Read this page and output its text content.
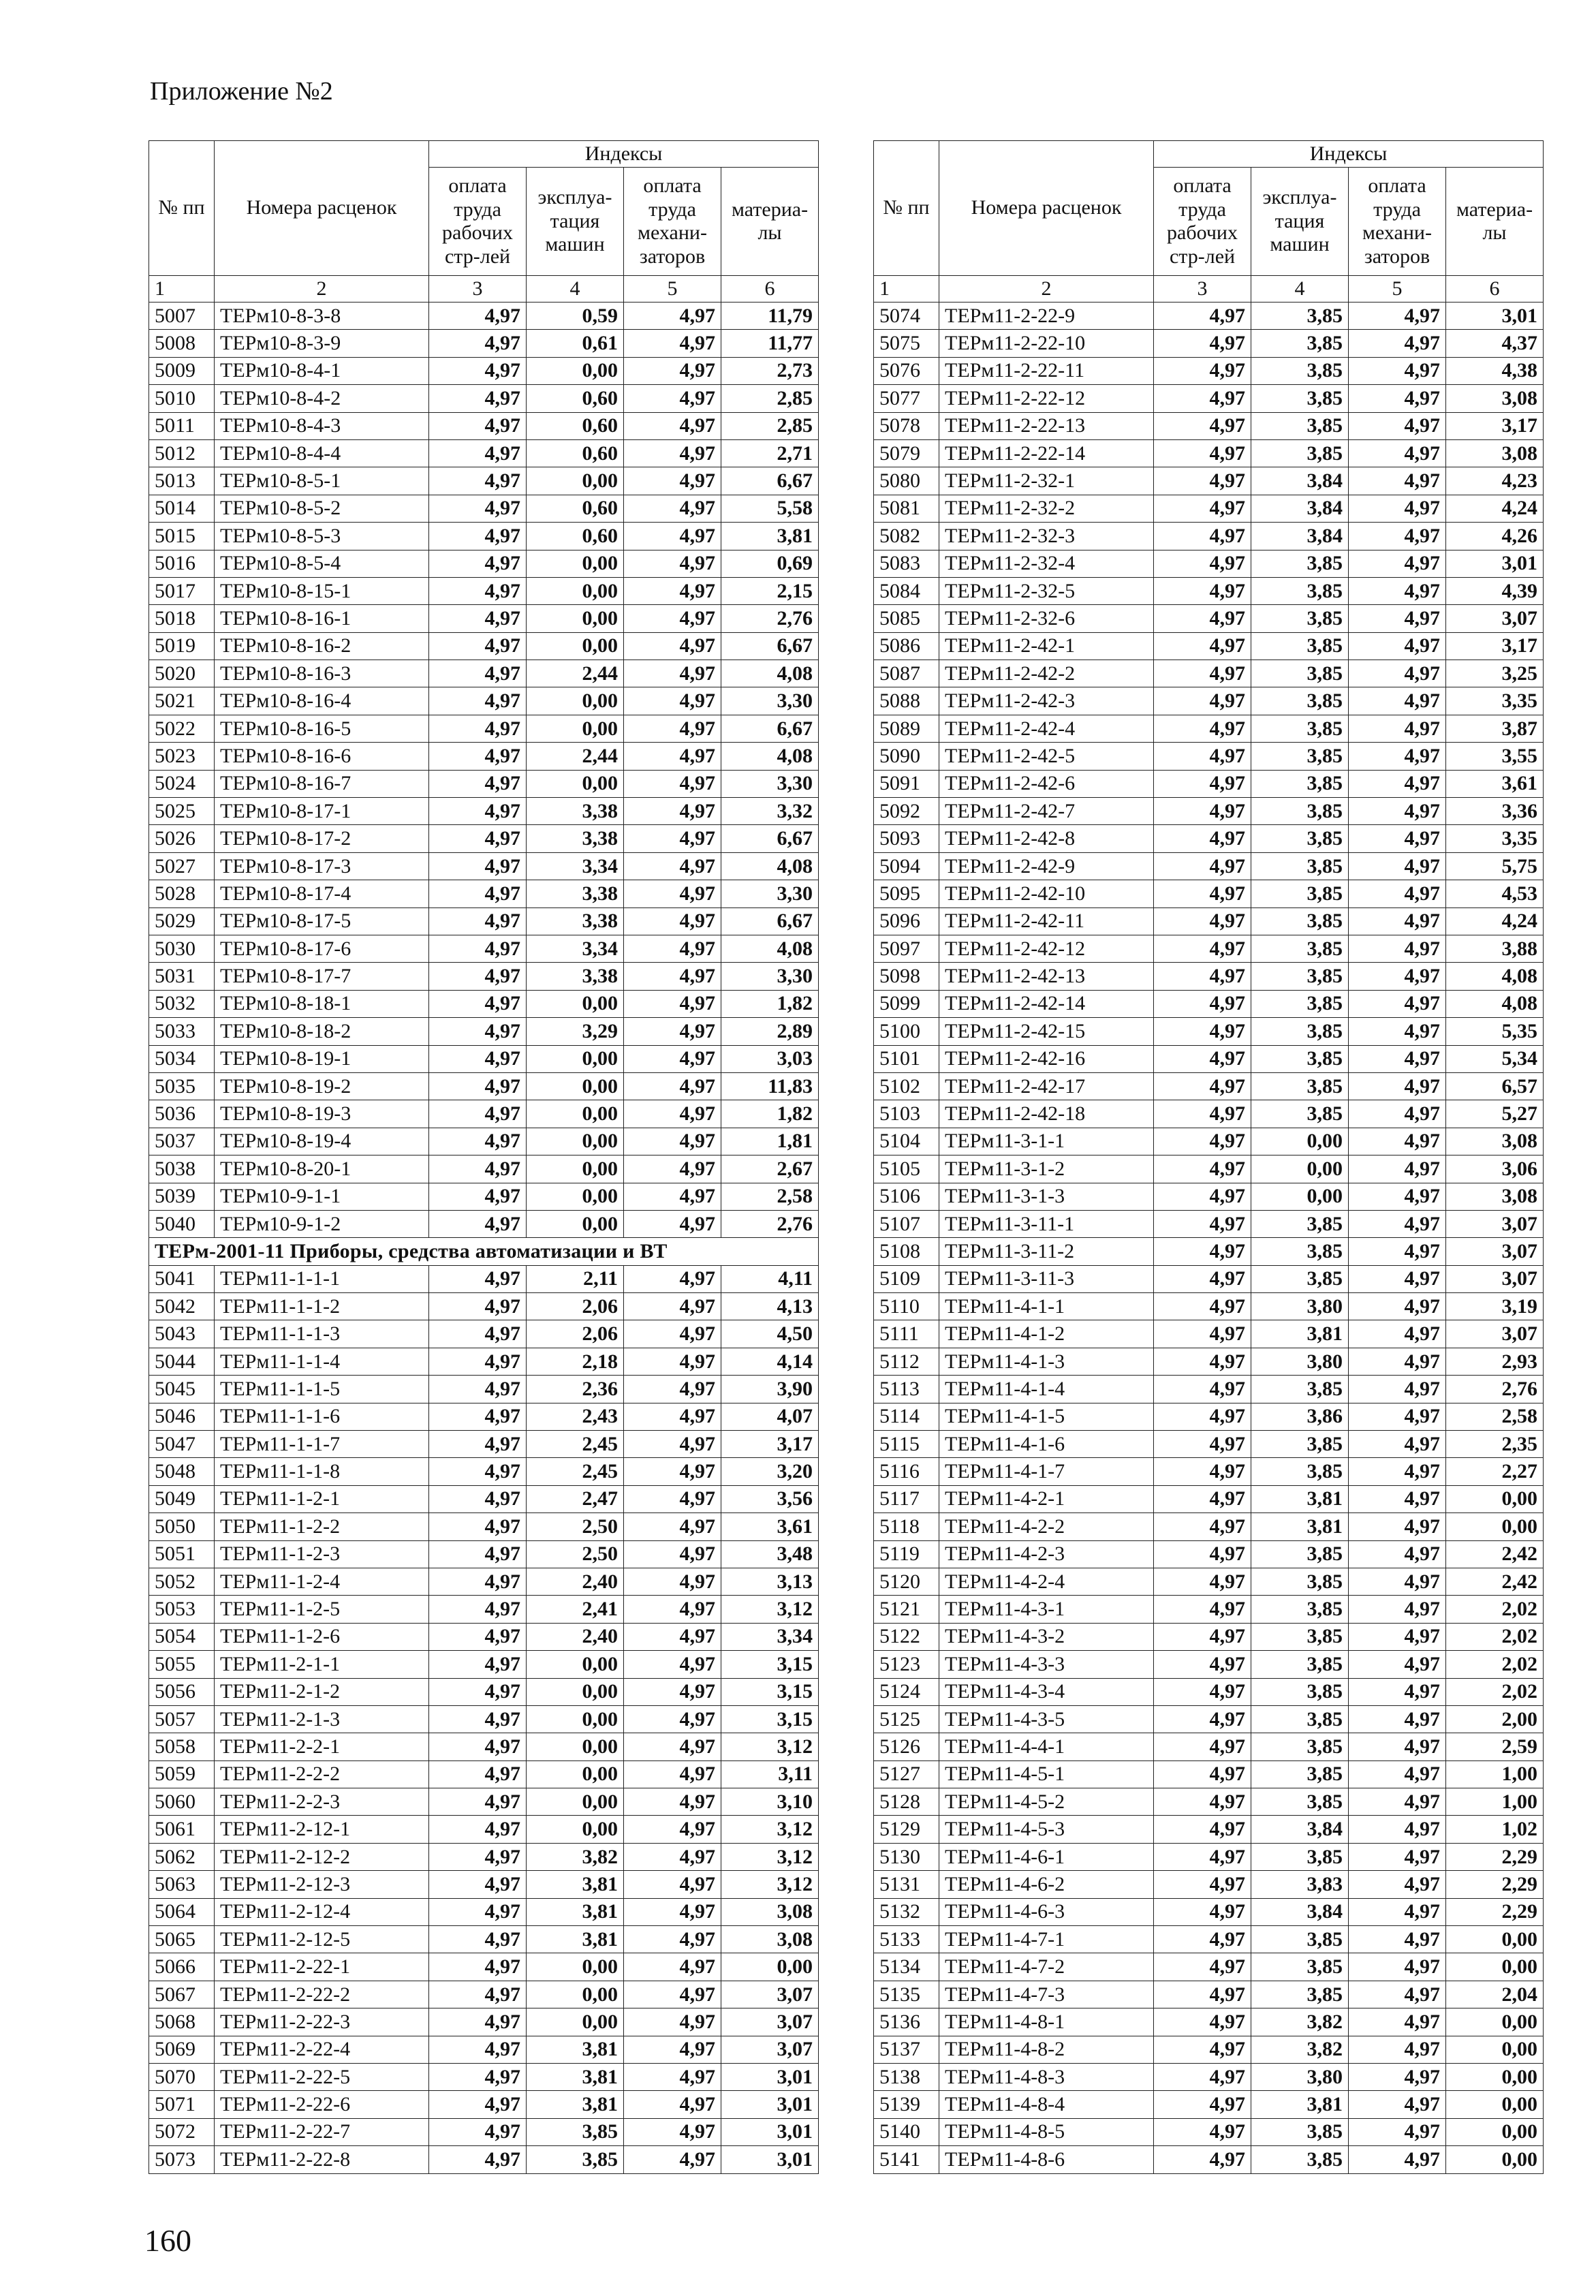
Приложение №2
№ пп	Номера расценок	Индексы			
		оплата труда рабочих стр-лей	эксплуа-тация машин	оплата труда механи-заторов	материа-лы
1	2	3	4	5	6
5007	ТЕРм10-8-3-8	4,97	0,59	4,97	11,79
5008	ТЕРм10-8-3-9	4,97	0,61	4,97	11,77
5009	ТЕРм10-8-4-1	4,97	0,00	4,97	2,73
5010	ТЕРм10-8-4-2	4,97	0,60	4,97	2,85
5011	ТЕРм10-8-4-3	4,97	0,60	4,97	2,85
5012	ТЕРм10-8-4-4	4,97	0,60	4,97	2,71
5013	ТЕРм10-8-5-1	4,97	0,00	4,97	6,67
5014	ТЕРм10-8-5-2	4,97	0,60	4,97	5,58
5015	ТЕРм10-8-5-3	4,97	0,60	4,97	3,81
5016	ТЕРм10-8-5-4	4,97	0,00	4,97	0,69
5017	ТЕРм10-8-15-1	4,97	0,00	4,97	2,15
5018	ТЕРм10-8-16-1	4,97	0,00	4,97	2,76
5019	ТЕРм10-8-16-2	4,97	0,00	4,97	6,67
5020	ТЕРм10-8-16-3	4,97	2,44	4,97	4,08
5021	ТЕРм10-8-16-4	4,97	0,00	4,97	3,30
5022	ТЕРм10-8-16-5	4,97	0,00	4,97	6,67
5023	ТЕРм10-8-16-6	4,97	2,44	4,97	4,08
5024	ТЕРм10-8-16-7	4,97	0,00	4,97	3,30
5025	ТЕРм10-8-17-1	4,97	3,38	4,97	3,32
5026	ТЕРм10-8-17-2	4,97	3,38	4,97	6,67
5027	ТЕРм10-8-17-3	4,97	3,34	4,97	4,08
5028	ТЕРм10-8-17-4	4,97	3,38	4,97	3,30
5029	ТЕРм10-8-17-5	4,97	3,38	4,97	6,67
5030	ТЕРм10-8-17-6	4,97	3,34	4,97	4,08
5031	ТЕРм10-8-17-7	4,97	3,38	4,97	3,30
5032	ТЕРм10-8-18-1	4,97	0,00	4,97	1,82
5033	ТЕРм10-8-18-2	4,97	3,29	4,97	2,89
5034	ТЕРм10-8-19-1	4,97	0,00	4,97	3,03
5035	ТЕРм10-8-19-2	4,97	0,00	4,97	11,83
5036	ТЕРм10-8-19-3	4,97	0,00	4,97	1,82
5037	ТЕРм10-8-19-4	4,97	0,00	4,97	1,81
5038	ТЕРм10-8-20-1	4,97	0,00	4,97	2,67
5039	ТЕРм10-9-1-1	4,97	0,00	4,97	2,58
5040	ТЕРм10-9-1-2	4,97	0,00	4,97	2,76
ТЕРм-2001-11 Приборы, средства автоматизации и ВТ					
5041	ТЕРм11-1-1-1	4,97	2,11	4,97	4,11
5042	ТЕРм11-1-1-2	4,97	2,06	4,97	4,13
5043	ТЕРм11-1-1-3	4,97	2,06	4,97	4,50
5044	ТЕРм11-1-1-4	4,97	2,18	4,97	4,14
5045	ТЕРм11-1-1-5	4,97	2,36	4,97	3,90
5046	ТЕРм11-1-1-6	4,97	2,43	4,97	4,07
5047	ТЕРм11-1-1-7	4,97	2,45	4,97	3,17
5048	ТЕРм11-1-1-8	4,97	2,45	4,97	3,20
5049	ТЕРм11-1-2-1	4,97	2,47	4,97	3,56
5050	ТЕРм11-1-2-2	4,97	2,50	4,97	3,61
5051	ТЕРм11-1-2-3	4,97	2,50	4,97	3,48
5052	ТЕРм11-1-2-4	4,97	2,40	4,97	3,13
5053	ТЕРм11-1-2-5	4,97	2,41	4,97	3,12
5054	ТЕРм11-1-2-6	4,97	2,40	4,97	3,34
5055	ТЕРм11-2-1-1	4,97	0,00	4,97	3,15
5056	ТЕРм11-2-1-2	4,97	0,00	4,97	3,15
5057	ТЕРм11-2-1-3	4,97	0,00	4,97	3,15
5058	ТЕРм11-2-2-1	4,97	0,00	4,97	3,12
5059	ТЕРм11-2-2-2	4,97	0,00	4,97	3,11
5060	ТЕРм11-2-2-3	4,97	0,00	4,97	3,10
5061	ТЕРм11-2-12-1	4,97	0,00	4,97	3,12
5062	ТЕРм11-2-12-2	4,97	3,82	4,97	3,12
5063	ТЕРм11-2-12-3	4,97	3,81	4,97	3,12
5064	ТЕРм11-2-12-4	4,97	3,81	4,97	3,08
5065	ТЕРм11-2-12-5	4,97	3,81	4,97	3,08
5066	ТЕРм11-2-22-1	4,97	0,00	4,97	0,00
5067	ТЕРм11-2-22-2	4,97	0,00	4,97	3,07
5068	ТЕРм11-2-22-3	4,97	0,00	4,97	3,07
5069	ТЕРм11-2-22-4	4,97	3,81	4,97	3,07
5070	ТЕРм11-2-22-5	4,97	3,81	4,97	3,01
5071	ТЕРм11-2-22-6	4,97	3,81	4,97	3,01
5072	ТЕРм11-2-22-7	4,97	3,85	4,97	3,01
5073	ТЕРм11-2-22-8	4,97	3,85	4,97	3,01
№ пп	Номера расценок	Индексы			
		оплата труда рабочих стр-лей	эксплуа-тация машин	оплата труда механи-заторов	материа-лы
1	2	3	4	5	6
5074	ТЕРм11-2-22-9	4,97	3,85	4,97	3,01
5075	ТЕРм11-2-22-10	4,97	3,85	4,97	4,37
5076	ТЕРм11-2-22-11	4,97	3,85	4,97	4,38
5077	ТЕРм11-2-22-12	4,97	3,85	4,97	3,08
5078	ТЕРм11-2-22-13	4,97	3,85	4,97	3,17
5079	ТЕРм11-2-22-14	4,97	3,85	4,97	3,08
5080	ТЕРм11-2-32-1	4,97	3,84	4,97	4,23
5081	ТЕРм11-2-32-2	4,97	3,84	4,97	4,24
5082	ТЕРм11-2-32-3	4,97	3,84	4,97	4,26
5083	ТЕРм11-2-32-4	4,97	3,85	4,97	3,01
5084	ТЕРм11-2-32-5	4,97	3,85	4,97	4,39
5085	ТЕРм11-2-32-6	4,97	3,85	4,97	3,07
5086	ТЕРм11-2-42-1	4,97	3,85	4,97	3,17
5087	ТЕРм11-2-42-2	4,97	3,85	4,97	3,25
5088	ТЕРм11-2-42-3	4,97	3,85	4,97	3,35
5089	ТЕРм11-2-42-4	4,97	3,85	4,97	3,87
5090	ТЕРм11-2-42-5	4,97	3,85	4,97	3,55
5091	ТЕРм11-2-42-6	4,97	3,85	4,97	3,61
5092	ТЕРм11-2-42-7	4,97	3,85	4,97	3,36
5093	ТЕРм11-2-42-8	4,97	3,85	4,97	3,35
5094	ТЕРм11-2-42-9	4,97	3,85	4,97	5,75
5095	ТЕРм11-2-42-10	4,97	3,85	4,97	4,53
5096	ТЕРм11-2-42-11	4,97	3,85	4,97	4,24
5097	ТЕРм11-2-42-12	4,97	3,85	4,97	3,88
5098	ТЕРм11-2-42-13	4,97	3,85	4,97	4,08
5099	ТЕРм11-2-42-14	4,97	3,85	4,97	4,08
5100	ТЕРм11-2-42-15	4,97	3,85	4,97	5,35
5101	ТЕРм11-2-42-16	4,97	3,85	4,97	5,34
5102	ТЕРм11-2-42-17	4,97	3,85	4,97	6,57
5103	ТЕРм11-2-42-18	4,97	3,85	4,97	5,27
5104	ТЕРм11-3-1-1	4,97	0,00	4,97	3,08
5105	ТЕРм11-3-1-2	4,97	0,00	4,97	3,06
5106	ТЕРм11-3-1-3	4,97	0,00	4,97	3,08
5107	ТЕРм11-3-11-1	4,97	3,85	4,97	3,07
5108	ТЕРм11-3-11-2	4,97	3,85	4,97	3,07
5109	ТЕРм11-3-11-3	4,97	3,85	4,97	3,07
5110	ТЕРм11-4-1-1	4,97	3,80	4,97	3,19
5111	ТЕРм11-4-1-2	4,97	3,81	4,97	3,07
5112	ТЕРм11-4-1-3	4,97	3,80	4,97	2,93
5113	ТЕРм11-4-1-4	4,97	3,85	4,97	2,76
5114	ТЕРм11-4-1-5	4,97	3,86	4,97	2,58
5115	ТЕРм11-4-1-6	4,97	3,85	4,97	2,35
5116	ТЕРм11-4-1-7	4,97	3,85	4,97	2,27
5117	ТЕРм11-4-2-1	4,97	3,81	4,97	0,00
5118	ТЕРм11-4-2-2	4,97	3,81	4,97	0,00
5119	ТЕРм11-4-2-3	4,97	3,85	4,97	2,42
5120	ТЕРм11-4-2-4	4,97	3,85	4,97	2,42
5121	ТЕРм11-4-3-1	4,97	3,85	4,97	2,02
5122	ТЕРм11-4-3-2	4,97	3,85	4,97	2,02
5123	ТЕРм11-4-3-3	4,97	3,85	4,97	2,02
5124	ТЕРм11-4-3-4	4,97	3,85	4,97	2,02
5125	ТЕРм11-4-3-5	4,97	3,85	4,97	2,00
5126	ТЕРм11-4-4-1	4,97	3,85	4,97	2,59
5127	ТЕРм11-4-5-1	4,97	3,85	4,97	1,00
5128	ТЕРм11-4-5-2	4,97	3,85	4,97	1,00
5129	ТЕРм11-4-5-3	4,97	3,84	4,97	1,02
5130	ТЕРм11-4-6-1	4,97	3,85	4,97	2,29
5131	ТЕРм11-4-6-2	4,97	3,83	4,97	2,29
5132	ТЕРм11-4-6-3	4,97	3,84	4,97	2,29
5133	ТЕРм11-4-7-1	4,97	3,85	4,97	0,00
5134	ТЕРм11-4-7-2	4,97	3,85	4,97	0,00
5135	ТЕРм11-4-7-3	4,97	3,85	4,97	2,04
5136	ТЕРм11-4-8-1	4,97	3,82	4,97	0,00
5137	ТЕРм11-4-8-2	4,97	3,82	4,97	0,00
5138	ТЕРм11-4-8-3	4,97	3,80	4,97	0,00
5139	ТЕРм11-4-8-4	4,97	3,81	4,97	0,00
5140	ТЕРм11-4-8-5	4,97	3,85	4,97	0,00
5141	ТЕРм11-4-8-6	4,97	3,85	4,97	0,00
160
